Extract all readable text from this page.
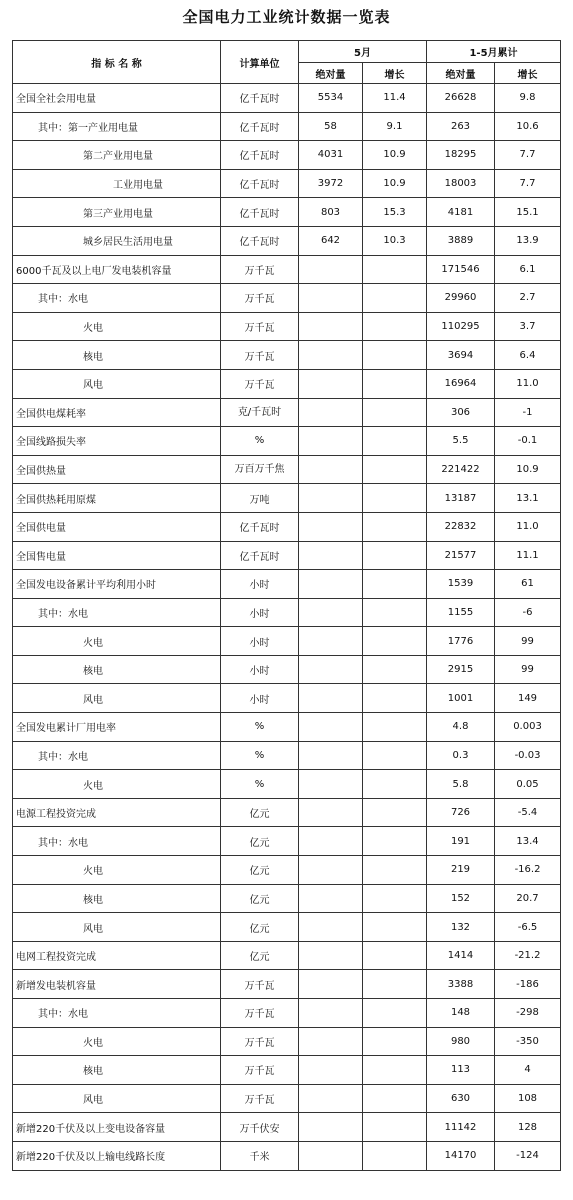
全国电力工业统计数据一览表
指 标 名 称	计算单位	5月		1-5月累计	
		绝对量	增长	绝对量	增长
全国全社会用电量	亿千瓦时	5534	11.4	26628	9.8
其中：第一产业用电量	亿千瓦时	58	9.1	263	10.6
第二产业用电量	亿千瓦时	4031	10.9	18295	7.7
工业用电量	亿千瓦时	3972	10.9	18003	7.7
第三产业用电量	亿千瓦时	803	15.3	4181	15.1
城乡居民生活用电量	亿千瓦时	642	10.3	3889	13.9
6000千瓦及以上电厂发电装机容量	万千瓦			171546	6.1
其中：水电	万千瓦			29960	2.7
火电	万千瓦			110295	3.7
核电	万千瓦			3694	6.4
风电	万千瓦			16964	11.0
全国供电煤耗率	克/千瓦时			306	-1
全国线路损失率	%			5.5	-0.1
全国供热量	万百万千焦			221422	10.9
全国供热耗用原煤	万吨			13187	13.1
全国供电量	亿千瓦时			22832	11.0
全国售电量	亿千瓦时			21577	11.1
全国发电设备累计平均利用小时	小时			1539	61
其中：水电	小时			1155	-6
火电	小时			1776	99
核电	小时			2915	99
风电	小时			1001	149
全国发电累计厂用电率	%			4.8	0.003
其中：水电	%			0.3	-0.03
火电	%			5.8	0.05
电源工程投资完成	亿元			726	-5.4
其中：水电	亿元			191	13.4
火电	亿元			219	-16.2
核电	亿元			152	20.7
风电	亿元			132	-6.5
电网工程投资完成	亿元			1414	-21.2
新增发电装机容量	万千瓦			3388	-186
其中：水电	万千瓦			148	-298
火电	万千瓦			980	-350
核电	万千瓦			113	4
风电	万千瓦			630	108
新增220千伏及以上变电设备容量	万千伏安			11142	128
新增220千伏及以上输电线路长度	千米			14170	-124
